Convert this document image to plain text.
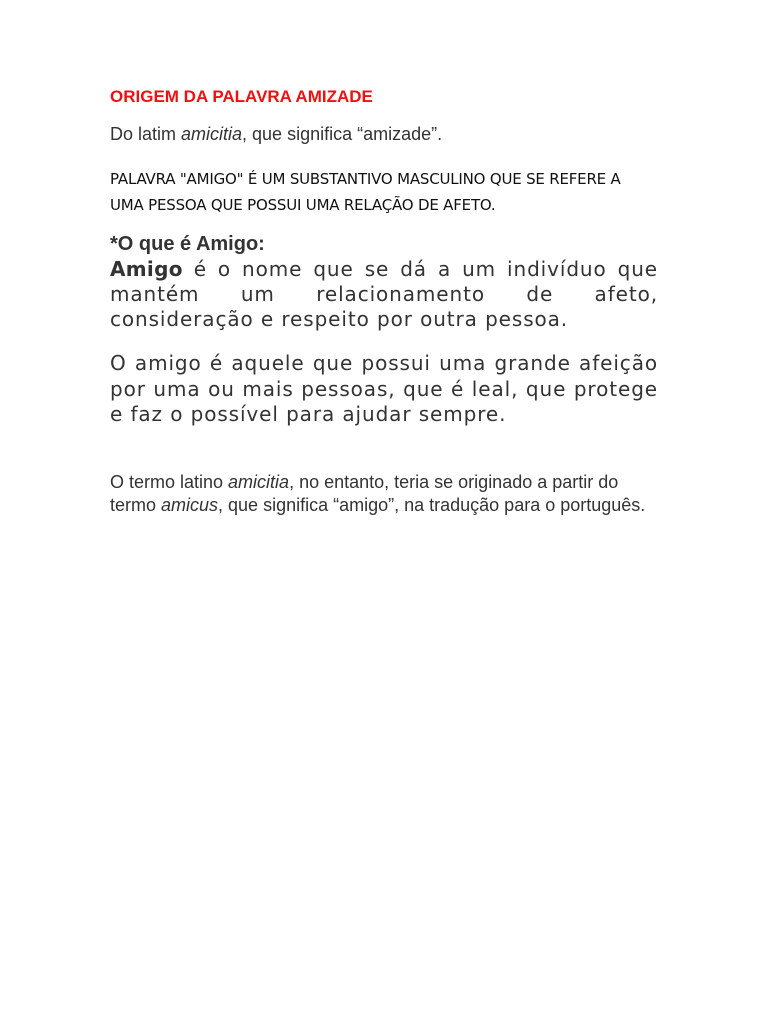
ORIGEM DA PALAVRA AMIZADE

Do latim amicitia, que significa “amizade”.

PALAVRA "AMIGO" É UM SUBSTANTIVO MASCULINO QUE SE REFERE A UMA PESSOA QUE POSSUI UMA RELAÇÃO DE AFETO.

*O que é Amigo:

Amigo é o nome que se dá a um indivíduo que mantém um relacionamento de afeto, consideração e respeito por outra pessoa.

O amigo é aquele que possui uma grande afeição por uma ou mais pessoas, que é leal, que protege e faz o possível para ajudar sempre.

O termo latino amicitia, no entanto, teria se originado a partir do termo amicus, que significa “amigo”, na tradução para o português.
